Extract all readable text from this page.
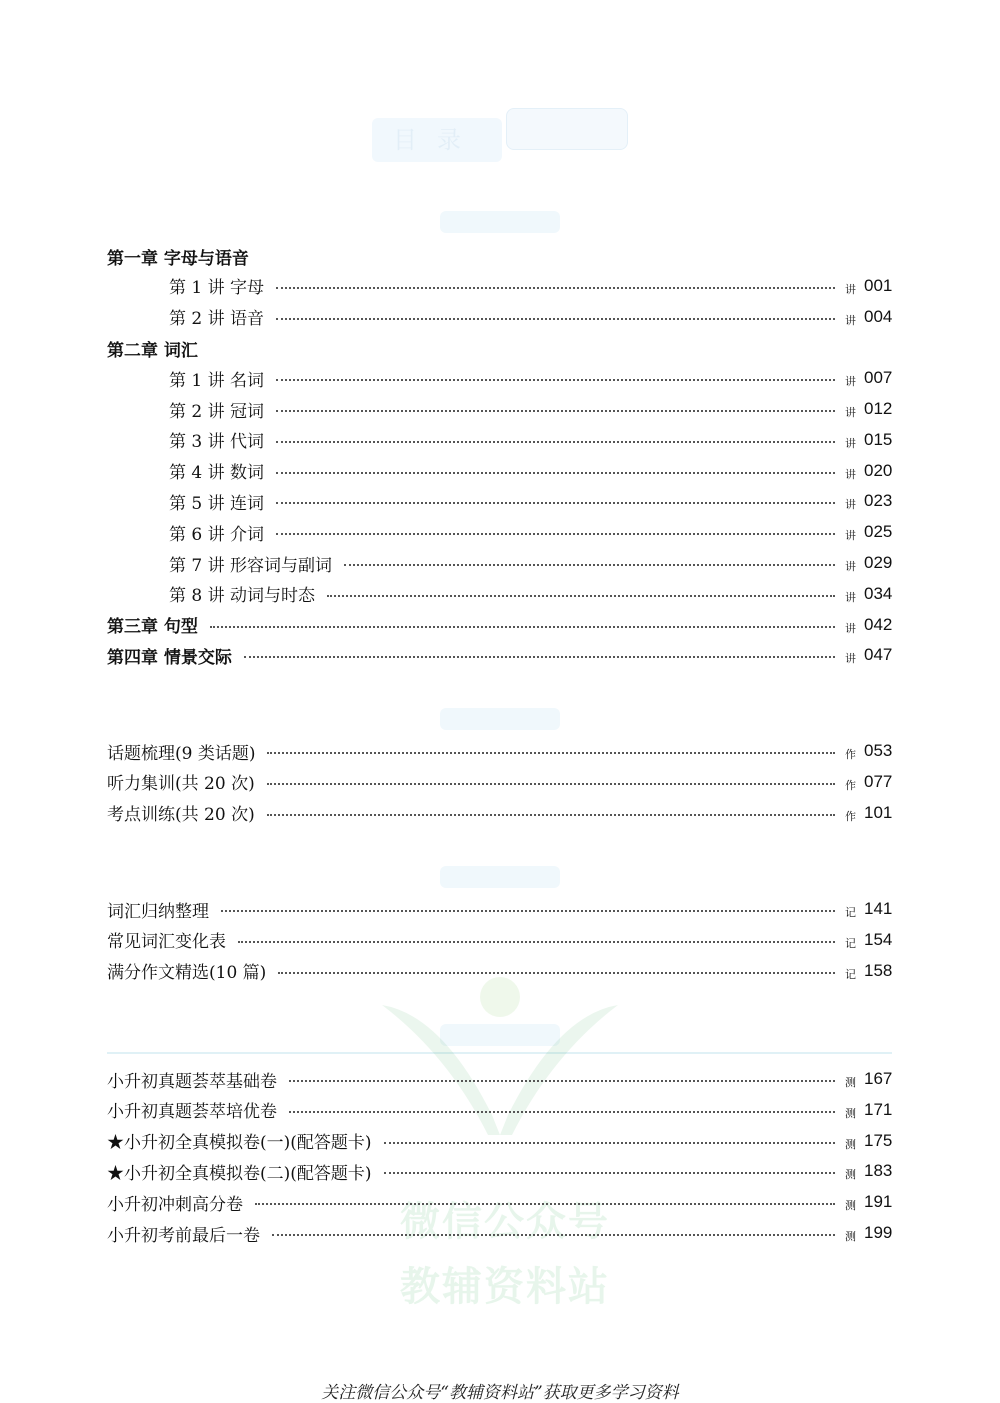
目录
微信公众号
教辅资料站
第一章 字母与语音
第 1 讲 字母	讲 001
第 2 讲 语音	讲 004
第二章 词汇
第 1 讲 名词	讲 007
第 2 讲 冠词	讲 012
第 3 讲 代词	讲 015
第 4 讲 数词	讲 020
第 5 讲 连词	讲 023
第 6 讲 介词	讲 025
第 7 讲 形容词与副词	讲 029
第 8 讲 动词与时态	讲 034
第三章 句型	讲 042
第四章 情景交际	讲 047
话题梳理(9 类话题)	作 053
听力集训(共 20 次)	作 077
考点训练(共 20 次)	作 101
词汇归纳整理	记 141
常见词汇变化表	记 154
满分作文精选(10 篇)	记 158
小升初真题荟萃基础卷	测 167
小升初真题荟萃培优卷	测 171
★小升初全真模拟卷(一)(配答题卡)	测 175
★小升初全真模拟卷(二)(配答题卡)	测 183
小升初冲刺高分卷	测 191
小升初考前最后一卷	测 199
关注微信公众号“教辅资料站”获取更多学习资料
